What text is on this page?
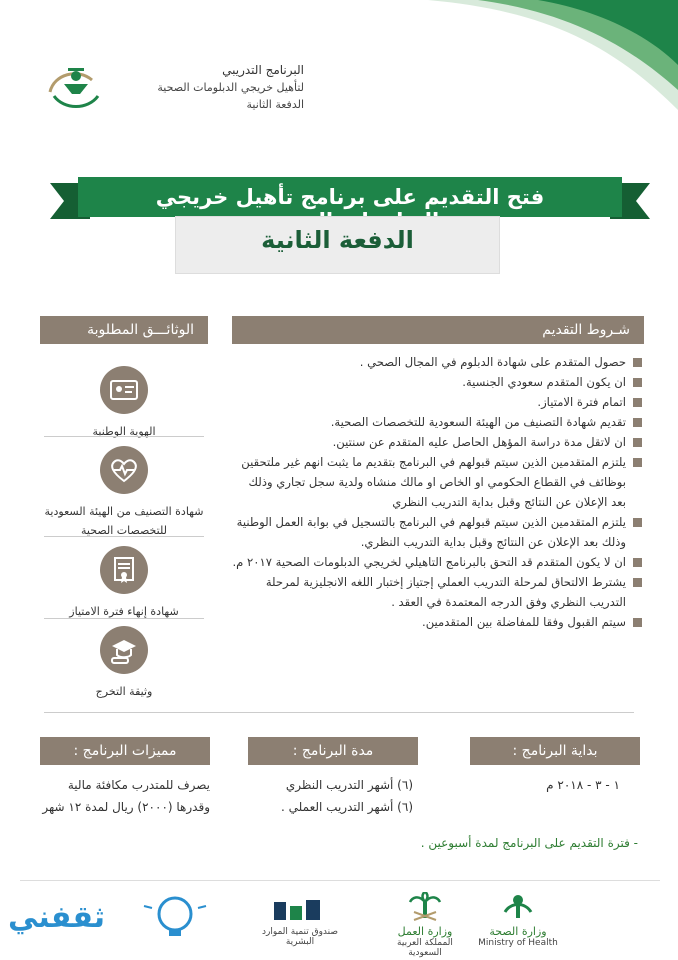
البرنامج التدريبي
لتأهيل خريجي الدبلومات الصحية
الدفعة الثانية
فتح التقديم على برنامج تأهيل خريجي
الدفعة الثانية
شـروط التقديم
الوثائـــق المطلوبة
حصول المتقدم على شهادة الدبلوم في المجال الصحي .
ان يكون المتقدم سعودي الجنسية.
اتمام فترة الامتياز.
تقديم شهادة التصنيف من الهيئة السعودية للتخصصات الصحية.
ان لاتقل مدة دراسة المؤهل الحاصل عليه المتقدم عن سنتين.
يلتزم المتقدمين الذين سيتم قبولهم في البرنامج بتقديم ما يثبت انهم غير ملتحقين بوظائف في القطاع الحكومي او الخاص او مالك منشاه ولدية سجل تجاري وذلك بعد الإعلان عن النتائج وقبل بداية التدريب النظري
يلتزم المتقدمين الذين سيتم قبولهم في البرنامج بالتسجيل في بوابة العمل الوطنية وذلك بعد الإعلان عن النتائج وقبل بداية التدريب النظري.
ان لا يكون المتقدم قد التحق بالبرنامج التاهيلي لخريجي الدبلومات الصحية ٢٠١٧ م.
يشترط الالتحاق لمرحلة التدريب العملي إجتياز إختبار اللغه الانجليزية لمرحلة التدريب النظري وفق الدرجه المعتمدة في العقد .
سيتم القبول وفقا للمفاضلة بين المتقدمين.
الهوية الوطنية
شهادة التصنيف من الهيئة السعودية للتخصصات الصحية
شهادة إنهاء فترة الامتياز
وثيقة التخرج
بداية البرنامج :
مدة البرنامج :
مميزات البرنامج :
١ - ٣ - ٢٠١٨ م
(٦) أشهر التدريب النظري
(٦) أشهر التدريب العملي .
يصرف للمتدرب مكافئة مالية
وقدرها (٢٠٠٠) ريال لمدة ١٢ شهر
- فترة التقديم على البرنامج لمدة أسبوعين .
وزارة الصحة
Ministry of Health
وزارة العمل
المملكة العربية السعودية
صندوق تنمية الموارد البشرية
ثقفني
